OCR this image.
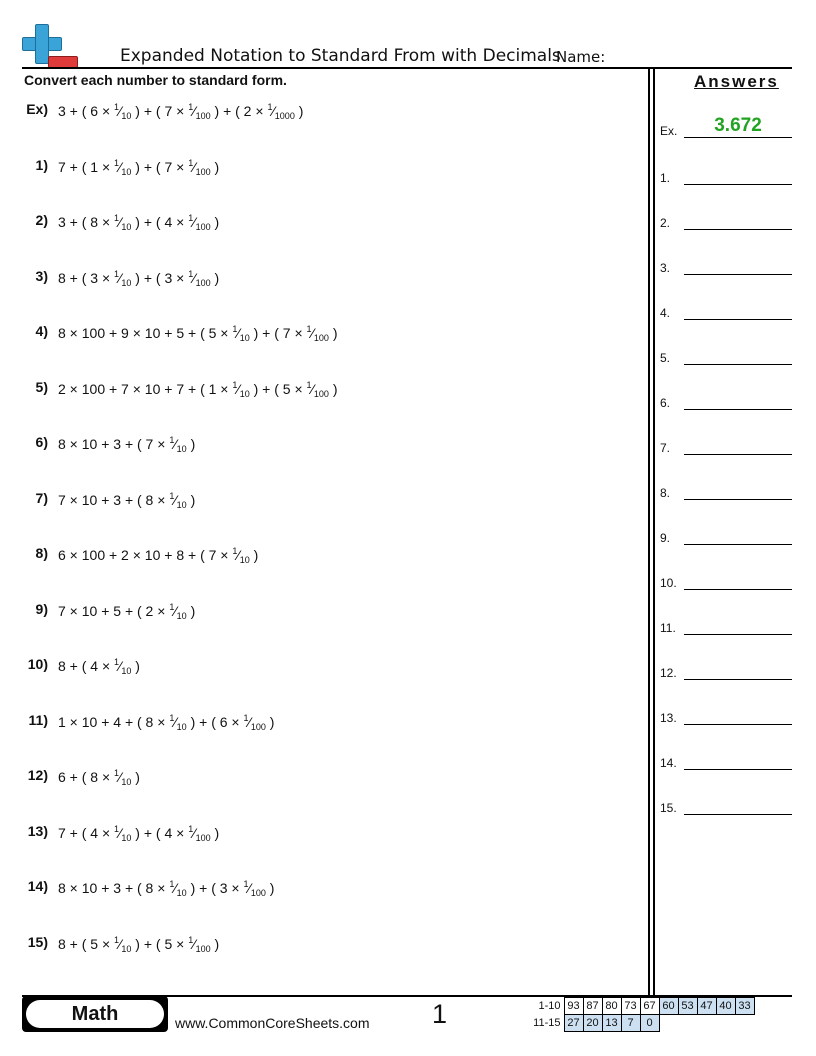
Expanded Notation to Standard From with Decimals
Name:
Convert each number to standard form.
Ex) 3 + ( $6 \times ^1⁄_{10}$ ) + ( $7 \times ^1⁄_{100}$ ) + ( $2 \times ^1⁄_{1000}$ )
1) 7 + ( $1 \times ^1⁄_{10}$ ) + ( $7 \times ^1⁄_{100}$ )
2) 3 + ( $8 \times ^1⁄_{10}$ ) + ( $4 \times ^1⁄_{100}$ )
3) 8 + ( $3 \times ^1⁄_{10}$ ) + ( $3 \times ^1⁄_{100}$ )
4) 8 × 100 + 9 × 10 + 5 + ( $5 \times ^1⁄_{10}$ ) + ( $7 \times ^1⁄_{100}$ )
5) 2 × 100 + 7 × 10 + 7 + ( $1 \times ^1⁄_{10}$ ) + ( $5 \times ^1⁄_{100}$ )
6) 8 × 10 + 3 + ( $7 \times ^1⁄_{10}$ )
7) 7 × 10 + 3 + ( $8 \times ^1⁄_{10}$ )
8) 6 × 100 + 2 × 10 + 8 + ( $7 \times ^1⁄_{10}$ )
9) 7 × 10 + 5 + ( $2 \times ^1⁄_{10}$ )
10) 8 + ( $4 \times ^1⁄_{10}$ )
11) 1 × 10 + 4 + ( $8 \times ^1⁄_{10}$ ) + ( $6 \times ^1⁄_{100}$ )
12) 6 + ( $8 \times ^1⁄_{10}$ )
13) 7 + ( $4 \times ^1⁄_{10}$ ) + ( $4 \times ^1⁄_{100}$ )
14) 8 × 10 + 3 + ( $8 \times ^1⁄_{10}$ ) + ( $3 \times ^1⁄_{100}$ )
15) 8 + ( $5 \times ^1⁄_{10}$ ) + ( $5 \times ^1⁄_{100}$ )
Answers
Ex.	3.672
1.
2.
3.
4.
5.
6.
7.
8.
9.
10.
11.
12.
13.
14.
15.
Math	www.CommonCoreSheets.com 1	1-10	93	87	80	73	67	60	53	47	40	33
11-15	27	20	13	7	0					
